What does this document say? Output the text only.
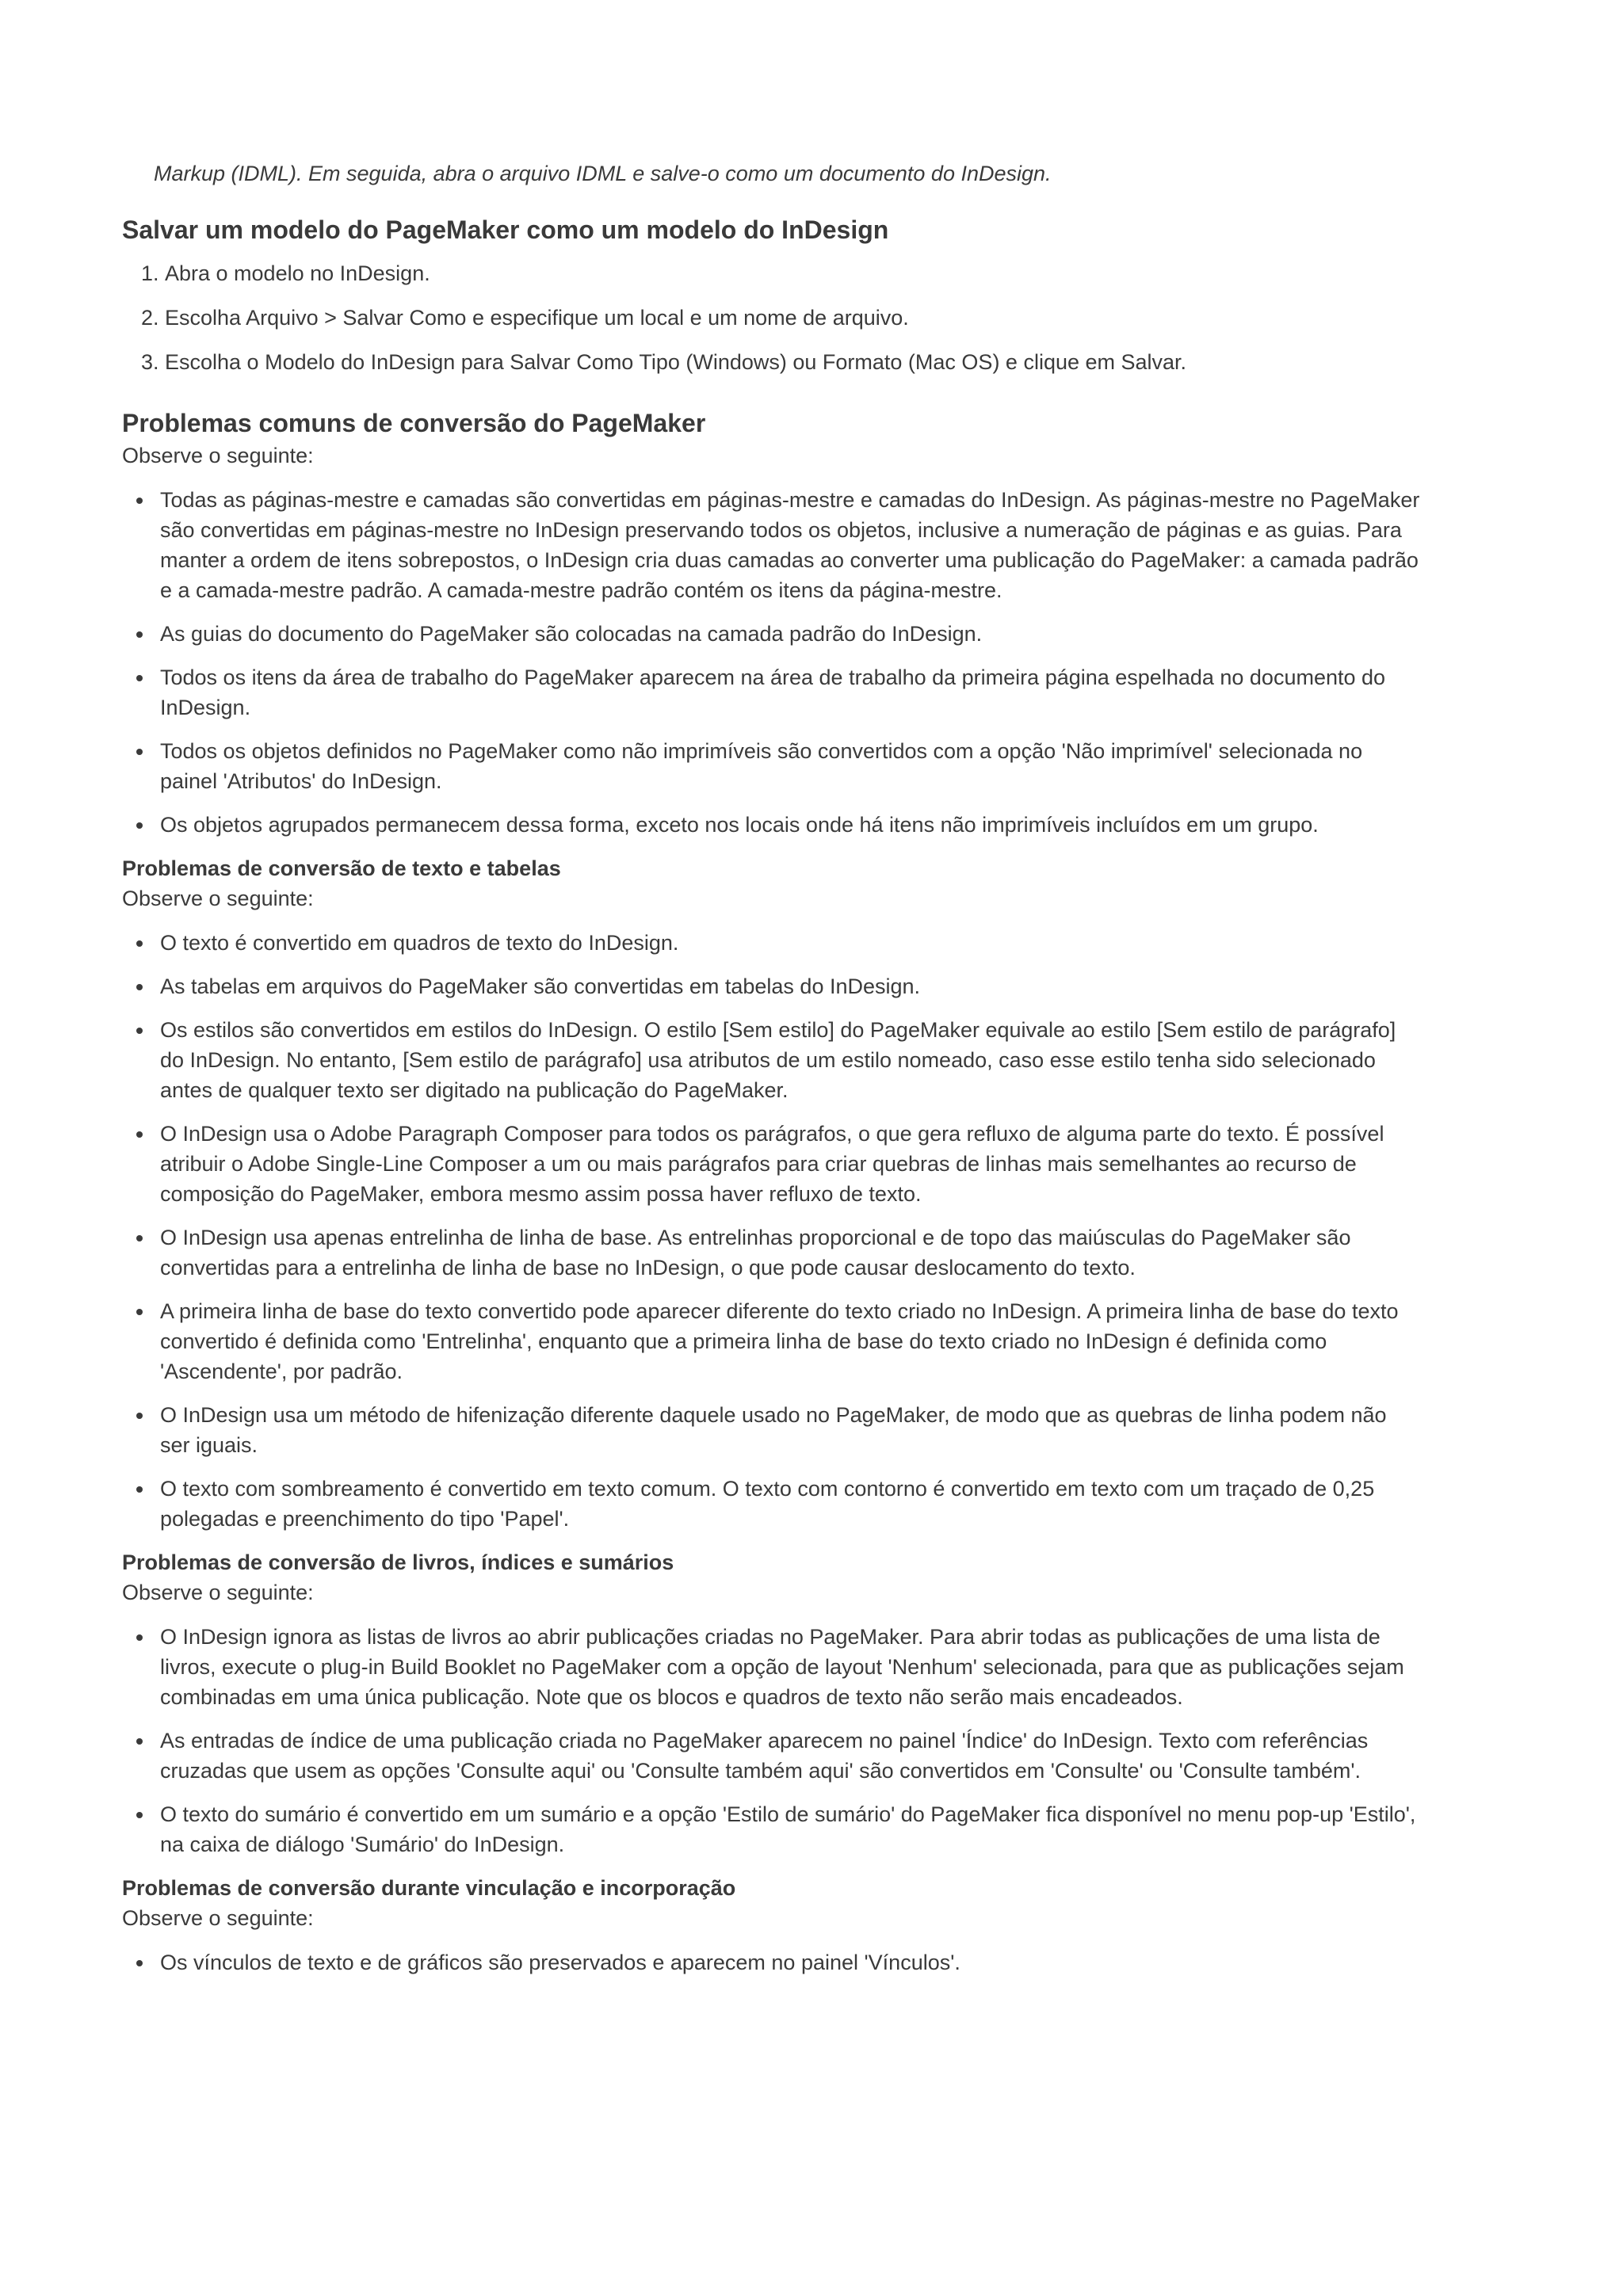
Markup (IDML). Em seguida, abra o arquivo IDML e salve-o como um documento do InDesign.

Salvar um modelo do PageMaker como um modelo do InDesign
1. Abra o modelo no InDesign.
2. Escolha Arquivo > Salvar Como e especifique um local e um nome de arquivo.
3. Escolha o Modelo do InDesign para Salvar Como Tipo (Windows) ou Formato (Mac OS) e clique em Salvar.
Problemas comuns de conversão do PageMaker

Observe o seguinte:

Todas as páginas-mestre e camadas são convertidas em páginas-mestre e camadas do InDesign. As páginas-mestre no PageMaker são convertidas em páginas-mestre no InDesign preservando todos os objetos, inclusive a numeração de páginas e as guias. Para manter a ordem de itens sobrepostos, o InDesign cria duas camadas ao converter uma publicação do PageMaker: a camada padrão e a camada-mestre padrão. A camada-mestre padrão contém os itens da página-mestre.
As guias do documento do PageMaker são colocadas na camada padrão do InDesign.
Todos os itens da área de trabalho do PageMaker aparecem na área de trabalho da primeira página espelhada no documento do InDesign.
Todos os objetos definidos no PageMaker como não imprimíveis são convertidos com a opção 'Não imprimível' selecionada no painel 'Atributos' do InDesign.
Os objetos agrupados permanecem dessa forma, exceto nos locais onde há itens não imprimíveis incluídos em um grupo.
Problemas de conversão de texto e tabelas

Observe o seguinte:

O texto é convertido em quadros de texto do InDesign.
As tabelas em arquivos do PageMaker são convertidas em tabelas do InDesign.
Os estilos são convertidos em estilos do InDesign. O estilo [Sem estilo] do PageMaker equivale ao estilo [Sem estilo de parágrafo] do InDesign. No entanto, [Sem estilo de parágrafo] usa atributos de um estilo nomeado, caso esse estilo tenha sido selecionado antes de qualquer texto ser digitado na publicação do PageMaker.
O InDesign usa o Adobe Paragraph Composer para todos os parágrafos, o que gera refluxo de alguma parte do texto. É possível atribuir o Adobe Single-Line Composer a um ou mais parágrafos para criar quebras de linhas mais semelhantes ao recurso de composição do PageMaker, embora mesmo assim possa haver refluxo de texto.
O InDesign usa apenas entrelinha de linha de base. As entrelinhas proporcional e de topo das maiúsculas do PageMaker são convertidas para a entrelinha de linha de base no InDesign, o que pode causar deslocamento do texto.
A primeira linha de base do texto convertido pode aparecer diferente do texto criado no InDesign. A primeira linha de base do texto convertido é definida como 'Entrelinha', enquanto que a primeira linha de base do texto criado no InDesign é definida como 'Ascendente', por padrão.
O InDesign usa um método de hifenização diferente daquele usado no PageMaker, de modo que as quebras de linha podem não ser iguais.
O texto com sombreamento é convertido em texto comum. O texto com contorno é convertido em texto com um traçado de 0,25 polegadas e preenchimento do tipo 'Papel'.
Problemas de conversão de livros, índices e sumários

Observe o seguinte:

O InDesign ignora as listas de livros ao abrir publicações criadas no PageMaker. Para abrir todas as publicações de uma lista de livros, execute o plug-in Build Booklet no PageMaker com a opção de layout 'Nenhum' selecionada, para que as publicações sejam combinadas em uma única publicação. Note que os blocos e quadros de texto não serão mais encadeados.
As entradas de índice de uma publicação criada no PageMaker aparecem no painel 'Índice' do InDesign. Texto com referências cruzadas que usem as opções 'Consulte aqui' ou 'Consulte também aqui' são convertidos em 'Consulte' ou 'Consulte também'.
O texto do sumário é convertido em um sumário e a opção 'Estilo de sumário' do PageMaker fica disponível no menu pop-up 'Estilo', na caixa de diálogo 'Sumário' do InDesign.
Problemas de conversão durante vinculação e incorporação

Observe o seguinte:

Os vínculos de texto e de gráficos são preservados e aparecem no painel 'Vínculos'.
